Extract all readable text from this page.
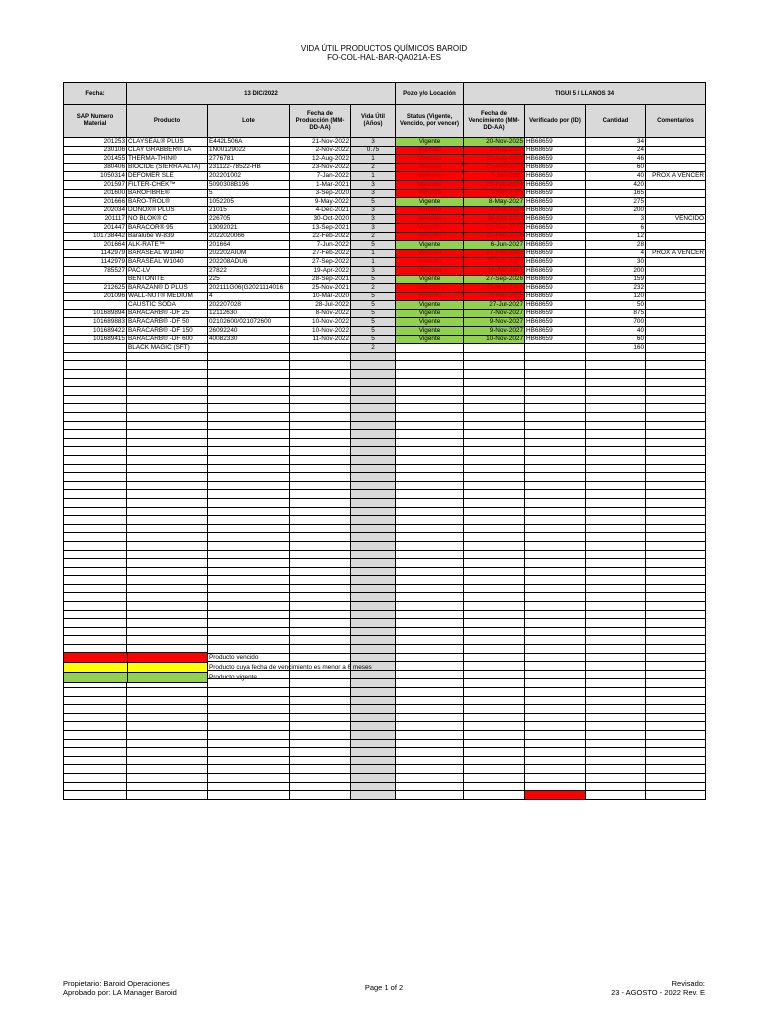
VIDA ÚTIL PRODUCTOS QUÍMICOS BAROID
FO-COL-HAL-BAR-QA021A-ES
Fecha:	13 DIC/2022				Pozo y/o Locación	TIGUI 5 / LLANOS 34			
SAP Numero Material	Producto	Lote	Fecha de Producción (MM-DD-AA)	Vida Útil (Años)	Status (Vigente, Vencido, por vencer)	Fecha de Vencimiento (MM-DD-AA)	Verificado por (ID)	Cantidad	Comentarios
201253	CLAYSEAL® PLUS	E442L506A	21-Nov-2022	3	Vigente	20-Nov-2025	HB68659	34	
230106	CLAY GRABBER® LA	1N00129022	2-Nov-2022	0.75	Vencido	2-Aug-2023	HB68659	24	
201455	THERMA-THIN®	2776781	12-Aug-2022	1	Vencido	12-Aug-2023	HB68659	46	
380406	BIOCIDE (SIERRA ALTA)	231122-78522-HB	23-Nov-2022	2	Vencido	22-Nov-2024	HB68659	60	
1050314	DEFOMER SLE	202201002	7-Jan-2022	1	Vencido	7-Jan-2023	HB68659	40	PROX A VENCER
201597	FILTER-CHEK™	5090308B196	1-Mar-2021	3	Vencido	29-Feb-2024	HB68659	420	
201600	BAROFIBRE®	5	3-Sep-2020	3	Vencido	3-Sep-2023	HB68659	165	
201666	BARO-TROL®	1052205	9-May-2022	5	Vigente	8-May-2027	HB68659	275	
202034	DONOX® PLUS	21015	4-Dec-2021	3	Vencido	3-Dec-2024	HB68659	200	
201117	NO BLOK® C	226705	30-Oct-2020	3	Vencido	30-Oct-2023	HB68659	3	VENCIDO
201447	BARACOR® 95	13092021	13-Sep-2021	3	Vencido	12-Sep-2024	HB68659	6	
101738442	Baralube W-839	2022020066	22-Feb-2022	2	Vencido	21-Feb-2024	HB68659	12	
201664	ALK-RATE™	201664	7-Jun-2022	5	Vigente	6-Jun-2027	HB68659	28	
1142979	BARASEAL W1040	202202AIUM	27-Feb-2022	1	Vencido	27-Feb-2023	HB68659	4	PROX A VENCER
1142979	BARASEAL W1040	202208ADU6	27-Sep-2022	1	Vencido	27-Sep-2023	HB68659	30	
785527	PAC-LV	27822	19-Apr-2022	3	Vencido	18-Apr-2025	HB68659	200	
	BENTONITE	225	28-Sep-2021	5	Vigente	27-Sep-2026	HB68659	159	
212625	BARAZAN® D PLUS	202111G06(G2021114016	25-Nov-2021	2	Vencido	25-Nov-2023	HB68659	232	
201096	WALL-NUT® MEDIUM	4	10-Mar-2020	5	Vencido	9-Mar-2025	HB68659	120	
	CAUSTIC SODA	202207028	28-Jul-2022	5	Vigente	27-Jul-2027	HB68659	50	
101689894	BARACARB® -DF 25	12112630	8-Nov-2022	5	Vigente	7-Nov-2027	HB68659	875	
101689883	BARACARB® -DF 50	02102600/021072600	10-Nov-2022	5	Vigente	9-Nov-2027	HB68659	700	
101689422	BARACARB® -DF 150	26092240	10-Nov-2022	5	Vigente	9-Nov-2027	HB68659	40	
101689415	BARACARB® -DF 600	40082330	11-Nov-2022	5	Vigente	10-Nov-2027	HB68659	60	
	BLACK MAGIC (SFT)			2				160	

		Producto vencido
		Producto cuya fecha de vencimiento es menor a 6 meses
		Producto vigente
Propietario: Baroid Operaciones
Aprobado por: LA Manager Baroid
Page 1 of 2	Revisado:
23 - AGOSTO - 2022 Rev. E
